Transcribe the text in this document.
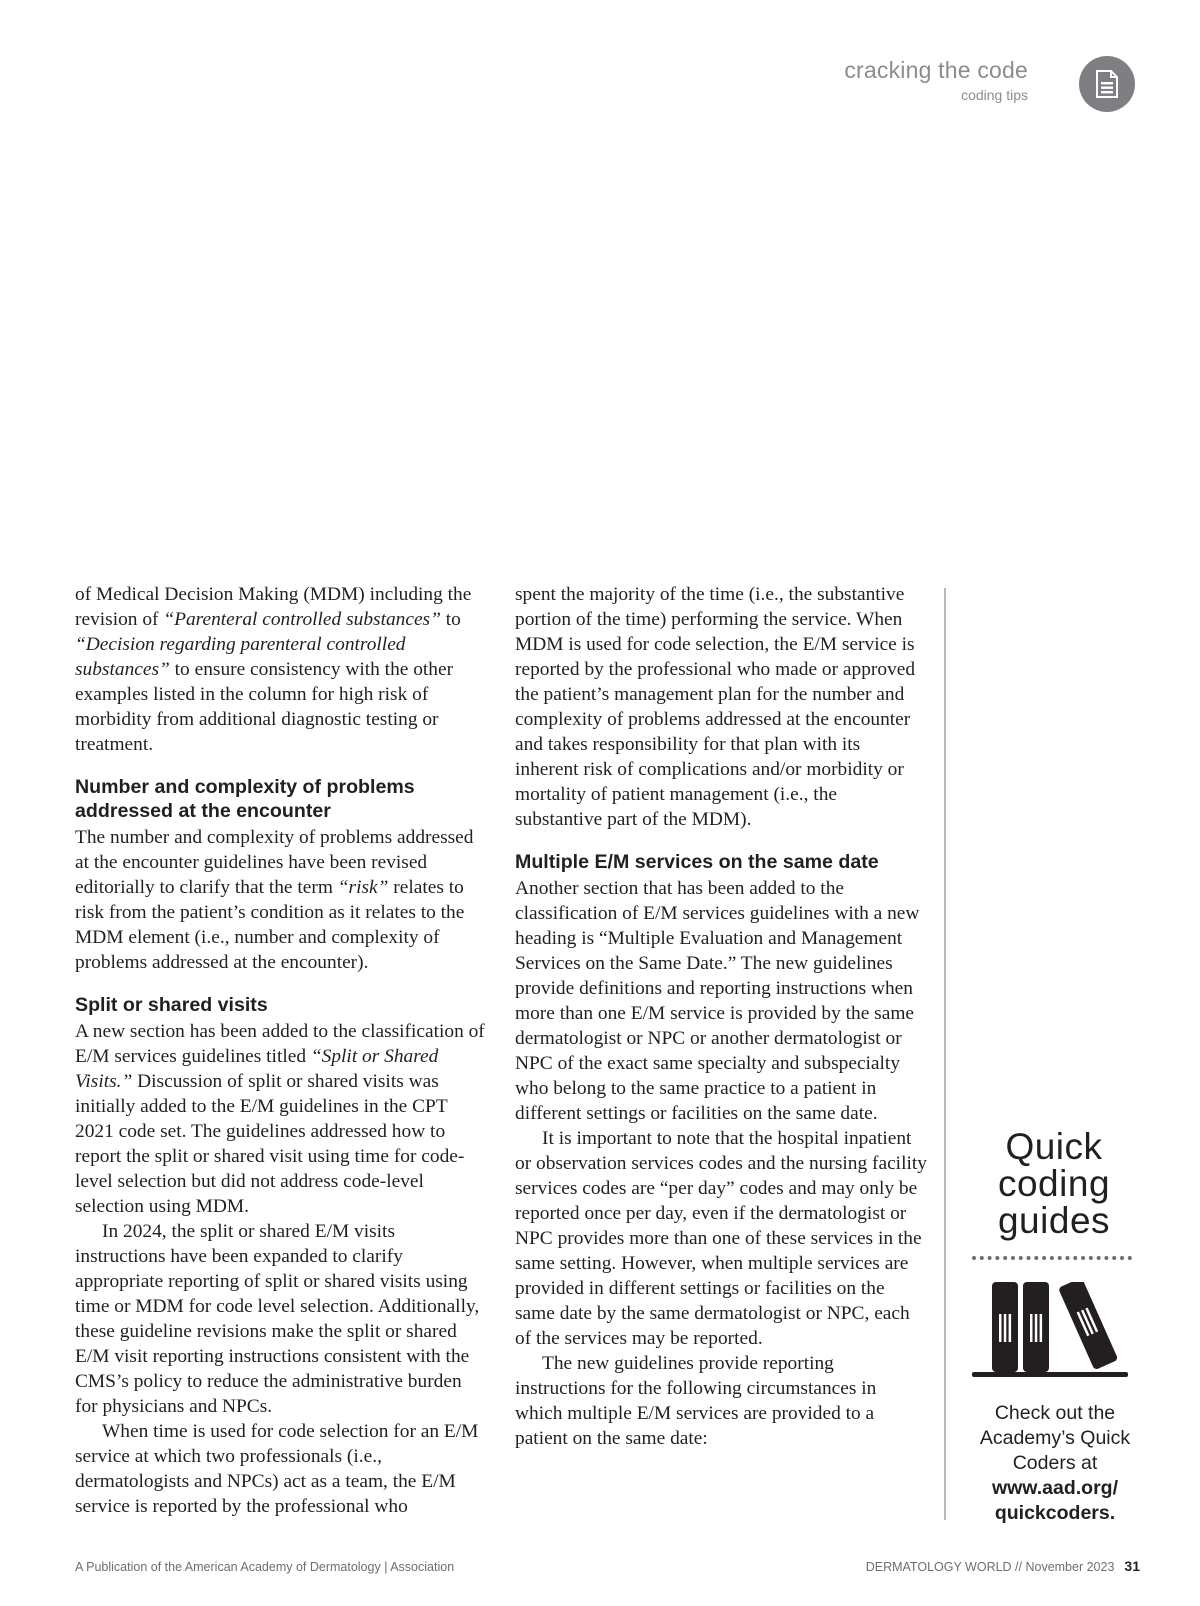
cracking the code
coding tips

of Medical Decision Making (MDM) including the revision of “Parenteral controlled substances” to “Decision regarding parenteral controlled substances” to ensure consistency with the other examples listed in the column for high risk of morbidity from additional diagnostic testing or treatment.

Number and complexity of problems addressed at the encounter

The number and complexity of problems addressed at the encounter guidelines have been revised editorially to clarify that the term “risk” relates to risk from the patient’s condition as it relates to the MDM element (i.e., number and complexity of problems addressed at the encounter).

Split or shared visits

A new section has been added to the classification of E/M services guidelines titled “Split or Shared Visits.” Discussion of split or shared visits was initially added to the E/M guidelines in the CPT 2021 code set. The guidelines addressed how to report the split or shared visit using time for code-level selection but did not address code-level selection using MDM.

In 2024, the split or shared E/M visits instructions have been expanded to clarify appropriate reporting of split or shared visits using time or MDM for code level selection. Additionally, these guideline revisions make the split or shared E/M visit reporting instructions consistent with the CMS’s policy to reduce the administrative burden for physicians and NPCs.

When time is used for code selection for an E/M service at which two professionals (i.e., dermatologists and NPCs) act as a team, the E/M service is reported by the professional who

spent the majority of the time (i.e., the substantive portion of the time) performing the service. When MDM is used for code selection, the E/M service is reported by the professional who made or approved the patient’s management plan for the number and complexity of problems addressed at the encounter and takes responsibility for that plan with its inherent risk of complications and/or morbidity or mortality of patient management (i.e., the substantive part of the MDM).

Multiple E/M services on the same date

Another section that has been added to the classification of E/M services guidelines with a new heading is “Multiple Evaluation and Management Services on the Same Date.” The new guidelines provide definitions and reporting instructions when more than one E/M service is provided by the same dermatologist or NPC or another dermatologist or NPC of the exact same specialty and subspecialty who belong to the same practice to a patient in different settings or facilities on the same date.

It is important to note that the hospital inpatient or observation services codes and the nursing facility services codes are “per day” codes and may only be reported once per day, even if the dermatologist or NPC provides more than one of these services in the same setting. However, when multiple services are provided in different settings or facilities on the same date by the same dermatologist or NPC, each of the services may be reported.

The new guidelines provide reporting instructions for the following circumstances in which multiple E/M services are provided to a patient on the same date:

Quick
coding
guides
Check out the Academy’s Quick Coders at
www.aad.org/ quickcoders.
A Publication of the American Academy of Dermatology | Association	DERMATOLOGY WORLD // November 2023 31
